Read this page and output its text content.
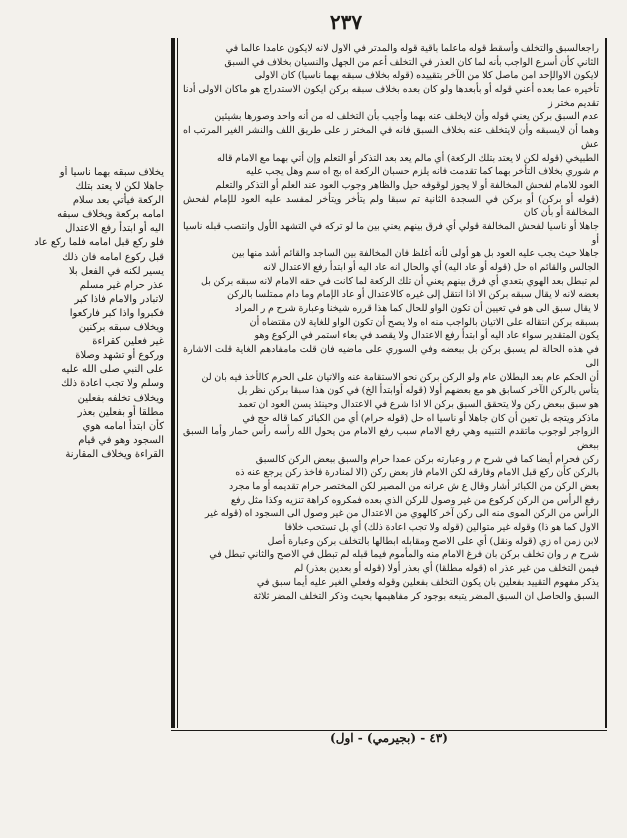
٢٣٧
راجعالسبق والتخلف وأسقط قوله ماعلما باقية قوله والمدتر في الاول لانه لايكون عامدا عالما في
الثاني كأن أسرع الواجب بأنه لما كان العذر في التخلف أعم من الجهل والنسيان بخلاف في السبق
لايكون الاوالإحد امن ماصل كلا من الآخر بتقييده (قوله بخلاف سبقه بهما ناسيا) كان الاولى
تأخيره عما بعده أعني قوله أو بأبعدها ولو كان بعده بخلاف سبقه بركن ايكون الاستدراج هو ماكان الاولى أدنا تقديم مختر ز
عدم السبق بركن يعني قوله وأن لايخلف عنه بهما وأجيب بأن التخلف له من أنه واحد وصورها بشيئين
وهما أن لايسبقه وأن لايتخلف عنه بخلاف السبق فانه في المختر ز على طريق اللف والنشر الغير المرتب اه عش
الطبيخي (قوله لكن لا يعتد بتلك الركعة) أي مالم يعد بعد التذكر أو التعلم وإن أتي بهما مع الامام قاله
م شوري بخلاف التأخر بهما كما تقدمت فانه يلزم حسبان الركعة اه بج اه سم وهل يجب عليه
العود للامام لفحش المخالفة أو لا يجوز لوقوفه حيل والظاهر وجوب العود عند العلم أو التذكر والتعلم
(قوله أو بركن) أو بركن في السجدة الثانية تم سبقا ولم يتأخر ويتأخر لمفسد عليه العود للإمام لفحش المخالفة أو بأن كان
جاهلا أو ناسيا لفحش المخالفة قولي أي فرق بينهم يعني بين ما لو تركه في التشهد الأول وانتصب قبله ناسيا أو
جاهلا حيث يجب عليه العود بل هو أولى لأنه أغلظ فان المخالفة بين الساجد والقائم أشد منها بين
الجالس والقائم اه حل (قوله أو عاد اليه) أي والحال انه عاد اليه أو ابتدأ رفع الاعتدال لانه
لم تبطل بعد الهوي بتعدي أي فرق بينهم يعني أن تلك الركعة لما كانت في حقه الامام لانه سبقه بركن بل
بعضه لانه لا يقال سبقه بركن الا اذا انتقل إلى غيره كالاعتدال أو عاد الإمام وما دام ممتلسا بالركن
لا يقال سبق الى هو في تعيين أن تكون الواو للحال كما هذا قرره شيخنا وعبارة شرح م ر المراد
بسبقه بركن انتقاله على الاتيان بالواجب منه اه ولا يصح أن تكون الواو للغاية لان مقتضاه أن
يكون المتقدير سواء عاد اليه أو ابتدأ رفع الاعتدال ولا يقصد في بعاء استمر في الركوع وهو
في هذه الحالة لم يسبق بركن بل ببعضه وفي السوري على ماضيه فان قلت مامفادهم الغاية قلت الاشارة الى
أن الحكم عام بعد البطلان عام ولو الركن بركن نحو الاستقامة عنه والاتيان على الحرم كالأخذ فيه بان لن
يتأس بالركن الآخر كسابق هو مع بعضهم أولا (قوله أوابتدأ الخ) في كون هذا سبقا بركن نظر بل
هو سبق ببعض ركن ولا يتحقق السبق بركن الا اذا شرع في الاعتدال وحينئذ يسن العود ان تعمد
ماذكر ويتجه بل تعين أن كان جاهلا أو ناسيا اه حل (قوله حرام) أي من الكبائر كما قاله حج في
الزواجر لوجوب ماتقدم التنبيه وهي رفع الامام سبب رفع الامام من يحول الله رأسه رأس حمار وأما السبق ببعض
ركن فحرام أيضا كما في شرح م ر وعبارته بركن عمدا حرام والسبق ببعض الركن كالسبق
بالركن كأن ركع قبل الامام وفارقه لكن الامام فاز بعض ركن (الا لمنادرة فاخذ ركن يرجع عنه ذه
بعض الركن من الكبائر أشار وقال ع ش عرانه من المصير لكن المختصر حرام تقديمه أو ما مجرد
رفع الرأس من الركن كركوع من غير وصول للركن الذي بعده فمكروه كراهة تنزيه وكذا مثل رفع
الرأس من الركن الموى منه الى ركن آخر كالهوي من الاعتدال من غير وصول الى السجود اه (قوله غير
الاول كما هو ذا) وقوله غير متوالين (قوله ولا تجب اعادة ذلك) أي بل تستحب خلافا
لابن زمن اه زي (قوله ونقل) أي على الاصح ومقابله ابطالها بالتخلف بركن وعبارة أصل
شرح م ر وان تخلف بركن بان فرغ الامام منه والمأموم فيما قبله لم تبطل في الاصح والثاني تبطل في
فيمن التخلف من غير عذر اه (قوله مطلقا) أي بعذر أولا (قوله أو بعدين بعذر) لم
يذكر مفهوم التقييد بفعلين بان يكون التخلف بفعلين وقوله وفعلي الغير عليه أيما سبق في
السبق والحاصل ان السبق المضر يتبعه بوجود كر مفاهيمها بحيث وذكر التخلف المضر ثلاثة
(٤٣ - (بجيرمي) - اول)
يخلاف سبقه بهما ناسيا أو
جاهلا لكن لا يعتد بتلك
الركعة فيأتي بعد سلام
امامه بركعة ويخلاف سبقه
اليه أو ابتدأ رفع الاعتدال
فلو ركع قبل امامه فلما ركع عاد
قبل ركوع امامه فان ذلك
يسير لكنه في الفعل بلا
عذر حرام غير مسلم
لاتبادر والامام فاذا كبر
فكبروا واذا كبر فاركعوا
ويخلاف سبقه بركنين
غير فعلين كقراءة
وركوع أو تشهد وصلاة
على النبي صلى الله عليه
وسلم ولا تجب اعادة ذلك
ويخلاف تخلفه بفعلين
مطلقا أو بفعلين بعذر
كأن ابتدأ امامه هوي
السجود وهو في قيام
القراءة ويخلاف المقارنة
